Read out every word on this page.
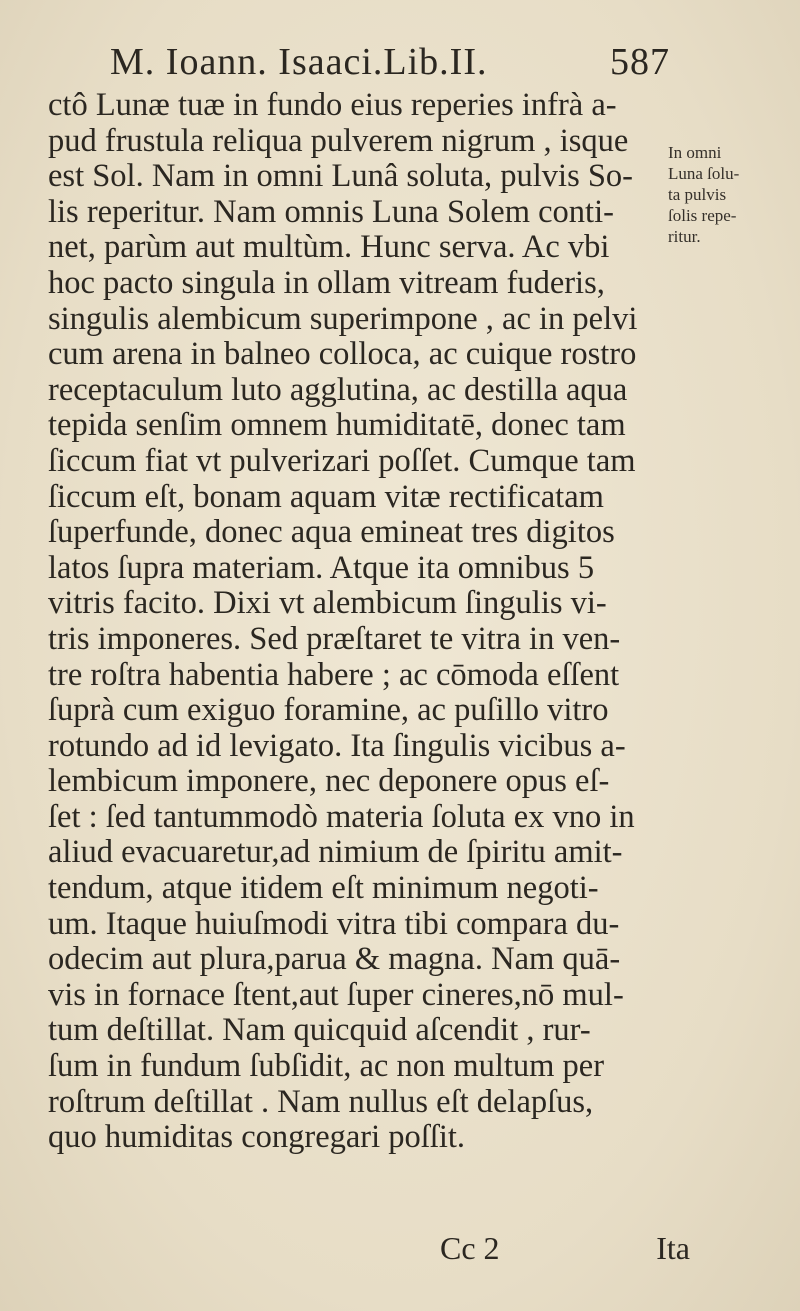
M. Ioann. Isaaci.Lib.II.	587
ctô Lunæ tuæ in fundo eius reperies infrà a-
pud frustula reliqua pulverem nigrum , isque
est Sol. Nam in omni Lunâ soluta, pulvis So-
lis reperitur. Nam omnis Luna Solem conti-
net, parùm aut multùm. Hunc serva. Ac vbi
hoc pacto singula in ollam vitream fuderis,
singulis alembicum superimpone , ac in pelvi
cum arena in balneo colloca, ac cuique rostro
receptaculum luto agglutina, ac destilla aqua
tepida senſim omnem humiditatē, donec tam
ſiccum fiat vt pulverizari poſſet. Cumque tam
ſiccum eſt, bonam aquam vitæ rectificatam
ſuperfunde, donec aqua emineat tres digitos
latos ſupra materiam. Atque ita omnibus 5
vitris facito. Dixi vt alembicum ſingulis vi-
tris imponeres. Sed præſtaret te vitra in ven-
tre roſtra habentia habere ; ac cōmoda eſſent
ſuprà cum exiguo foramine, ac puſillo vitro
rotundo ad id levigato. Ita ſingulis vicibus a-
lembicum imponere, nec deponere opus eſ-
ſet : ſed tantummodò materia ſoluta ex vno in
aliud evacuaretur,ad nimium de ſpiritu amit-
tendum, atque itidem eſt minimum negoti-
um. Itaque huiuſmodi vitra tibi compara du-
odecim aut plura,parua & magna. Nam quā-
vis in fornace ſtent,aut ſuper cineres,nō mul-
tum deſtillat. Nam quicquid aſcendit , rur-
ſum in fundum ſubſidit, ac non multum per
roſtrum deſtillat . Nam nullus eſt delapſus,
quo humiditas congregari poſſit.
In omni
Luna ſolu-
ta pulvis
ſolis repe-
ritur.
Cc 2	Ita
